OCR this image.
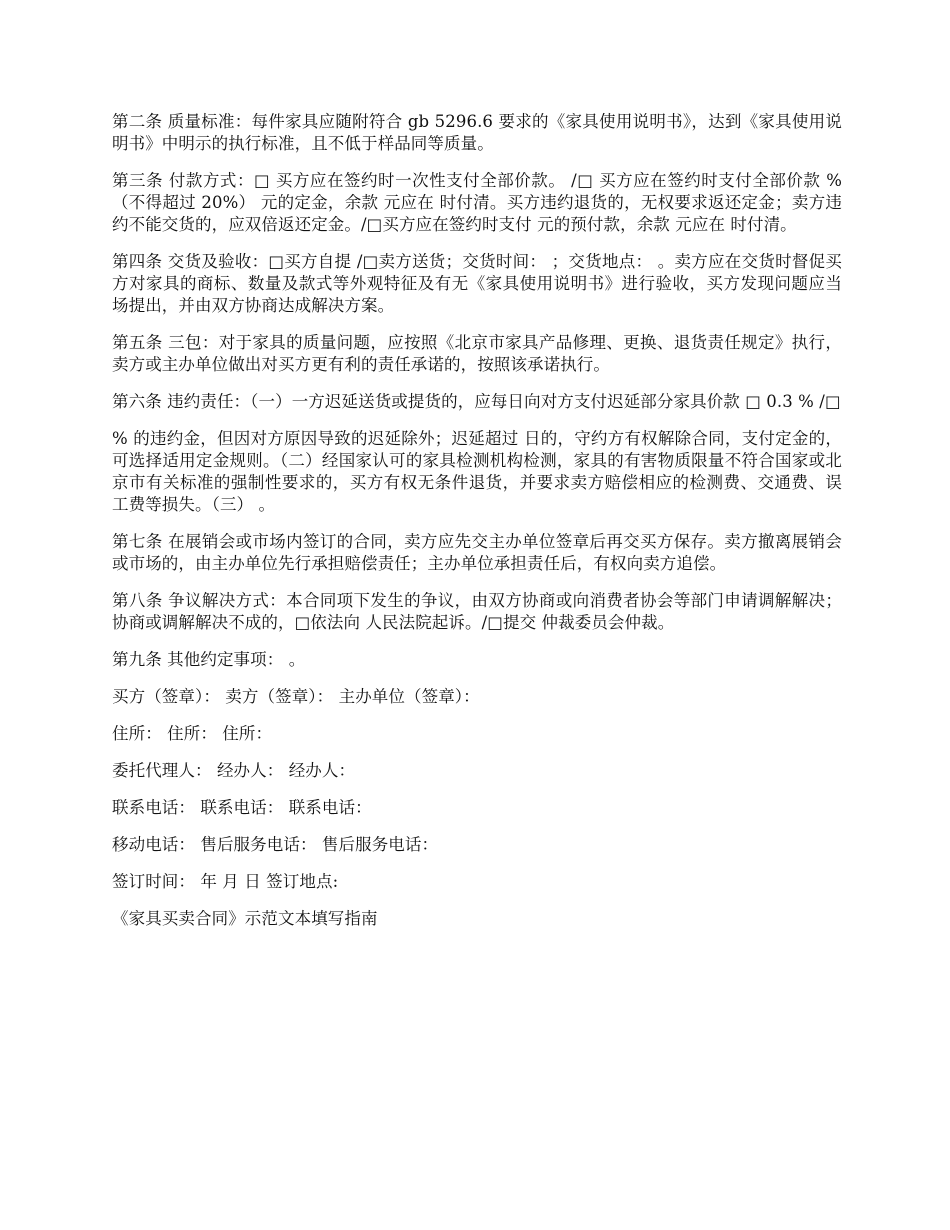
第二条 质量标准：每件家具应随附符合 gb 5296.6 要求的《家具使用说明书》，达到《家具使用说明书》中明示的执行标准，且不低于样品同等质量。

第三条 付款方式：□ 买方应在签约时一次性支付全部价款。 /□ 买方应在签约时支付全部价款 %（不得超过 20%） 元的定金，余款 元应在 时付清。买方违约退货的，无权要求返还定金；卖方违约不能交货的，应双倍返还定金。/□买方应在签约时支付 元的预付款，余款 元应在 时付清。

第四条 交货及验收：□买方自提 /□卖方送货；交货时间： ；交货地点： 。卖方应在交货时督促买方对家具的商标、数量及款式等外观特征及有无《家具使用说明书》进行验收，买方发现问题应当场提出，并由双方协商达成解决方案。

第五条 三包：对于家具的质量问题，应按照《北京市家具产品修理、更换、退货责任规定》执行，卖方或主办单位做出对买方更有利的责任承诺的，按照该承诺执行。

第六条 违约责任：（一）一方迟延送货或提货的，应每日向对方支付迟延部分家具价款 □ 0.3 % /□

% 的违约金，但因对方原因导致的迟延除外；迟延超过 日的，守约方有权解除合同，支付定金的，可选择适用定金规则。（二）经国家认可的家具检测机构检测，家具的有害物质限量不符合国家或北京市有关标准的强制性要求的，买方有权无条件退货，并要求卖方赔偿相应的检测费、交通费、误工费等损失。（三） 。

第七条 在展销会或市场内签订的合同，卖方应先交主办单位签章后再交买方保存。卖方撤离展销会或市场的，由主办单位先行承担赔偿责任；主办单位承担责任后，有权向卖方追偿。

第八条 争议解决方式：本合同项下发生的争议，由双方协商或向消费者协会等部门申请调解解决；协商或调解解决不成的，□依法向 人民法院起诉。/□提交 仲裁委员会仲裁。

第九条 其他约定事项： 。

买方（签章）： 卖方（签章）： 主办单位（签章）：

住所： 住所： 住所：

委托代理人： 经办人： 经办人：

联系电话： 联系电话： 联系电话：

移动电话： 售后服务电话： 售后服务电话：

签订时间： 年 月 日 签订地点:

《家具买卖合同》示范文本填写指南
